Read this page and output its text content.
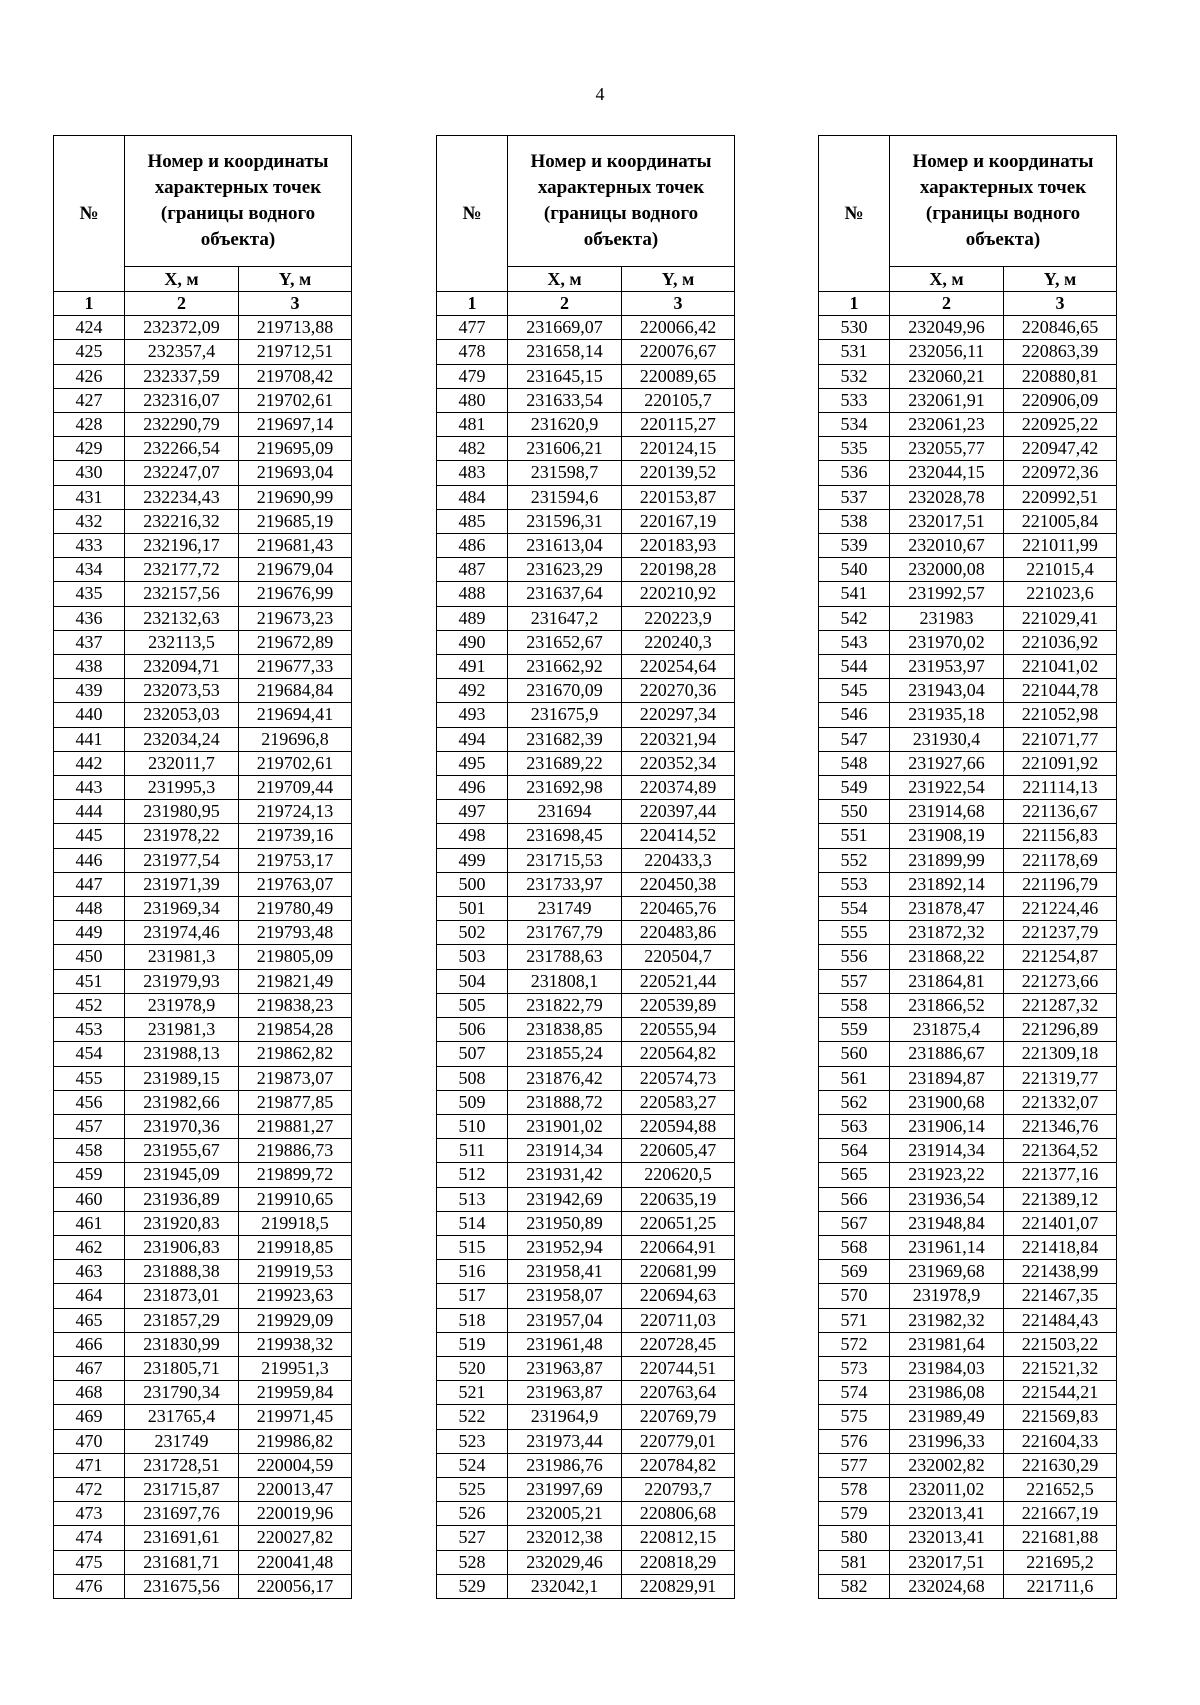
4
№	Номер и координаты характерных точек (границы водного объекта)	
	X, м	Y, м
1	2	3
424	232372,09	219713,88
425	232357,4	219712,51
426	232337,59	219708,42
427	232316,07	219702,61
428	232290,79	219697,14
429	232266,54	219695,09
430	232247,07	219693,04
431	232234,43	219690,99
432	232216,32	219685,19
433	232196,17	219681,43
434	232177,72	219679,04
435	232157,56	219676,99
436	232132,63	219673,23
437	232113,5	219672,89
438	232094,71	219677,33
439	232073,53	219684,84
440	232053,03	219694,41
441	232034,24	219696,8
442	232011,7	219702,61
443	231995,3	219709,44
444	231980,95	219724,13
445	231978,22	219739,16
446	231977,54	219753,17
447	231971,39	219763,07
448	231969,34	219780,49
449	231974,46	219793,48
450	231981,3	219805,09
451	231979,93	219821,49
452	231978,9	219838,23
453	231981,3	219854,28
454	231988,13	219862,82
455	231989,15	219873,07
456	231982,66	219877,85
457	231970,36	219881,27
458	231955,67	219886,73
459	231945,09	219899,72
460	231936,89	219910,65
461	231920,83	219918,5
462	231906,83	219918,85
463	231888,38	219919,53
464	231873,01	219923,63
465	231857,29	219929,09
466	231830,99	219938,32
467	231805,71	219951,3
468	231790,34	219959,84
469	231765,4	219971,45
470	231749	219986,82
471	231728,51	220004,59
472	231715,87	220013,47
473	231697,76	220019,96
474	231691,61	220027,82
475	231681,71	220041,48
476	231675,56	220056,17
№	Номер и координаты характерных точек (границы водного объекта)	
	X, м	Y, м
1	2	3
477	231669,07	220066,42
478	231658,14	220076,67
479	231645,15	220089,65
480	231633,54	220105,7
481	231620,9	220115,27
482	231606,21	220124,15
483	231598,7	220139,52
484	231594,6	220153,87
485	231596,31	220167,19
486	231613,04	220183,93
487	231623,29	220198,28
488	231637,64	220210,92
489	231647,2	220223,9
490	231652,67	220240,3
491	231662,92	220254,64
492	231670,09	220270,36
493	231675,9	220297,34
494	231682,39	220321,94
495	231689,22	220352,34
496	231692,98	220374,89
497	231694	220397,44
498	231698,45	220414,52
499	231715,53	220433,3
500	231733,97	220450,38
501	231749	220465,76
502	231767,79	220483,86
503	231788,63	220504,7
504	231808,1	220521,44
505	231822,79	220539,89
506	231838,85	220555,94
507	231855,24	220564,82
508	231876,42	220574,73
509	231888,72	220583,27
510	231901,02	220594,88
511	231914,34	220605,47
512	231931,42	220620,5
513	231942,69	220635,19
514	231950,89	220651,25
515	231952,94	220664,91
516	231958,41	220681,99
517	231958,07	220694,63
518	231957,04	220711,03
519	231961,48	220728,45
520	231963,87	220744,51
521	231963,87	220763,64
522	231964,9	220769,79
523	231973,44	220779,01
524	231986,76	220784,82
525	231997,69	220793,7
526	232005,21	220806,68
527	232012,38	220812,15
528	232029,46	220818,29
529	232042,1	220829,91
№	Номер и координаты характерных точек (границы водного объекта)	
	X, м	Y, м
1	2	3
530	232049,96	220846,65
531	232056,11	220863,39
532	232060,21	220880,81
533	232061,91	220906,09
534	232061,23	220925,22
535	232055,77	220947,42
536	232044,15	220972,36
537	232028,78	220992,51
538	232017,51	221005,84
539	232010,67	221011,99
540	232000,08	221015,4
541	231992,57	221023,6
542	231983	221029,41
543	231970,02	221036,92
544	231953,97	221041,02
545	231943,04	221044,78
546	231935,18	221052,98
547	231930,4	221071,77
548	231927,66	221091,92
549	231922,54	221114,13
550	231914,68	221136,67
551	231908,19	221156,83
552	231899,99	221178,69
553	231892,14	221196,79
554	231878,47	221224,46
555	231872,32	221237,79
556	231868,22	221254,87
557	231864,81	221273,66
558	231866,52	221287,32
559	231875,4	221296,89
560	231886,67	221309,18
561	231894,87	221319,77
562	231900,68	221332,07
563	231906,14	221346,76
564	231914,34	221364,52
565	231923,22	221377,16
566	231936,54	221389,12
567	231948,84	221401,07
568	231961,14	221418,84
569	231969,68	221438,99
570	231978,9	221467,35
571	231982,32	221484,43
572	231981,64	221503,22
573	231984,03	221521,32
574	231986,08	221544,21
575	231989,49	221569,83
576	231996,33	221604,33
577	232002,82	221630,29
578	232011,02	221652,5
579	232013,41	221667,19
580	232013,41	221681,88
581	232017,51	221695,2
582	232024,68	221711,6
